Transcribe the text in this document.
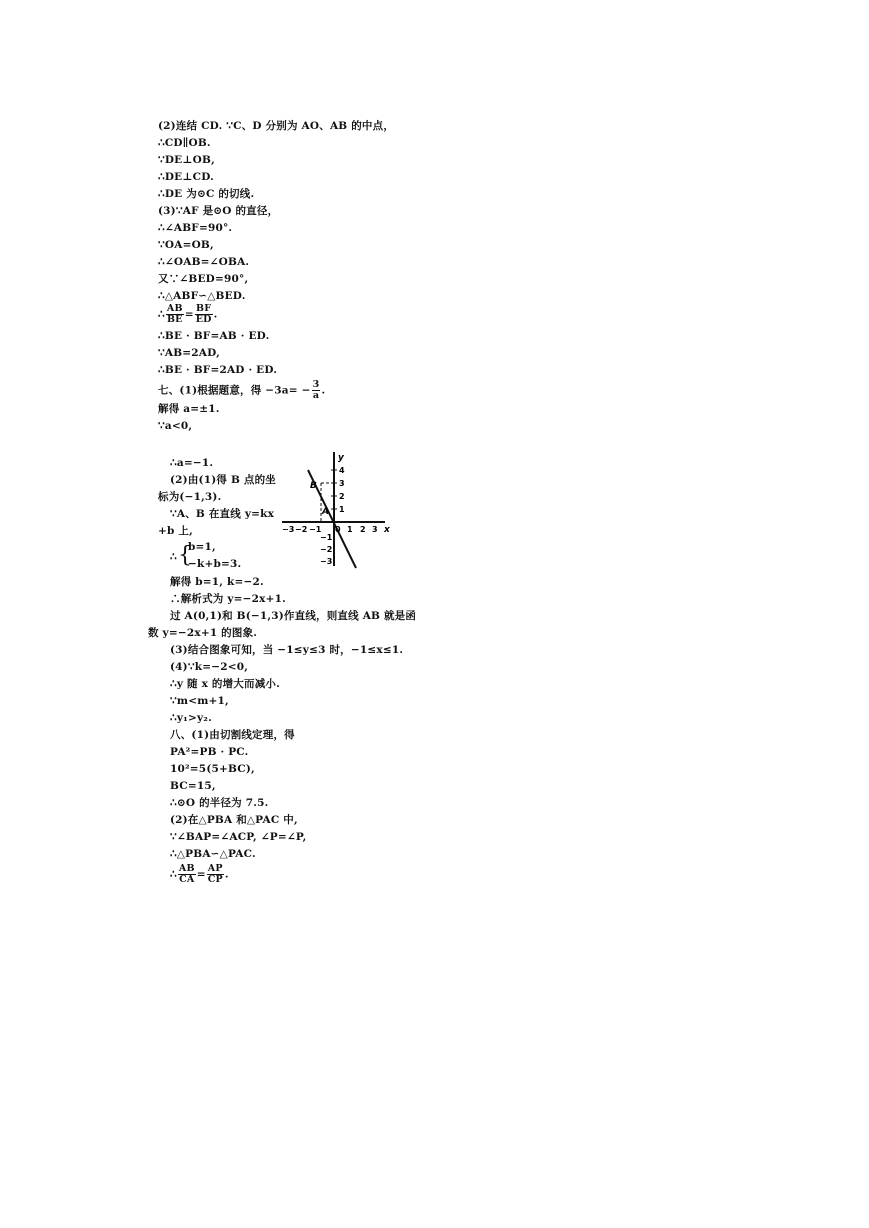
(2)连结 CD. ∵C、D 分别为 AO、AB 的中点，
∴CD∥OB.
∵DE⊥OB,
∴DE⊥CD.
∴DE 为⊙C 的切线.
(3)∵AF 是⊙O 的直径，
∴∠ABF=90°.
∵OA=OB,
∴∠OAB=∠OBA.
又∵∠BED=90°,
∴△ABF∽△BED.
∴ $\frac{AB}{BE} = \frac{BF}{ED}$ .
∴BE · BF=AB · ED.
∵AB=2AD,
∴BE · BF=2AD · ED.
七、(1)根据题意，得 $-3a= - \frac{3}{a}$ .
解得 a=±1.
∵a<0,
∴a=−1.
(2)由(1)得 B 点的坐
标为(−1,3).
∵A、B 在直线 y=kx
+b 上,
∴ {
b=1,
−k+b=3.
解得 b=1, k=−2.
∴解析式为 y=−2x+1.
过 A(0,1)和 B(−1,3)作直线，则直线 AB 就是函
数 y=−2x+1 的图象.
(3)结合图象可知，当 −1≤y≤3 时，−1≤x≤1.
(4)∵k=−2<0,
∴y 随 x 的增大而减小.
∵m<m+1,
∴y₁>y₂.
八、(1)由切割线定理，得
PA²=PB · PC.
10²=5(5+BC),
BC=15,
∴⊙O 的半径为 7.5.
(2)在△PBA 和△PAC 中,
∵∠BAP=∠ACP, ∠P=∠P,
∴△PBA∽△PAC.
∴ $\frac{AB}{CA} = \frac{AP}{CP}$ .
y
x
4
3
2
1
−1
−2
−3
−3 −2 −1 0 1 2 3
B
A
